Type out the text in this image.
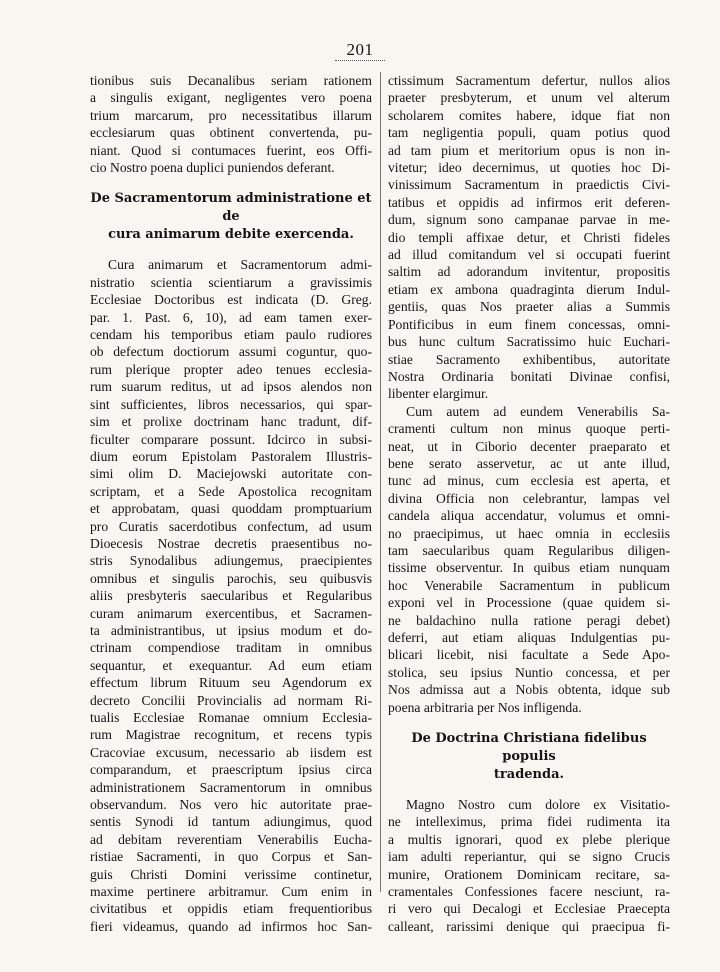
201
tionibus suis Decanalibus seriam rationem
a singulis exigant, negligentes vero poena
trium marcarum, pro necessitatibus illarum
ecclesiarum quas obtinent convertenda, pu-
niant. Quod si contumaces fuerint, eos Offi-
cio Nostro poena duplici puniendos deferant.
De Sacramentorum administratione et de
cura animarum debite exercenda.
Cura animarum et Sacramentorum admi-
nistratio scientia scientiarum a gravissimis
Ecclesiae Doctoribus est indicata (D. Greg.
par. 1. Past. 6, 10), ad eam tamen exer-
cendam his temporibus etiam paulo rudiores
ob defectum doctiorum assumi coguntur, quo-
rum plerique propter adeo tenues ecclesia-
rum suarum reditus, ut ad ipsos alendos non
sint sufficientes, libros necessarios, qui spar-
sim et prolixe doctrinam hanc tradunt, dif-
ficulter comparare possunt. Idcirco in subsi-
dium eorum Epistolam Pastoralem Illustris-
simi olim D. Maciejowski autoritate con-
scriptam, et a Sede Apostolica recognitam
et approbatam, quasi quoddam promptuarium
pro Curatis sacerdotibus confectum, ad usum
Dioecesis Nostrae decretis praesentibus no-
stris Synodalibus adiungemus, praecipientes
omnibus et singulis parochis, seu quibusvis
aliis presbyteris saecularibus et Regularibus
curam animarum exercentibus, et Sacramen-
ta administrantibus, ut ipsius modum et do-
ctrinam compendiose traditam in omnibus
sequantur, et exequantur. Ad eum etiam
effectum librum Rituum seu Agendorum ex
decreto Concilii Provincialis ad normam Ri-
tualis Ecclesiae Romanae omnium Ecclesia-
rum Magistrae recognitum, et recens typis
Cracoviae excusum, necessario ab iisdem est
comparandum, et praescriptum ipsius circa
administrationem Sacramentorum in omnibus
observandum. Nos vero hic autoritate prae-
sentis Synodi id tantum adiungimus, quod
ad debitam reverentiam Venerabilis Eucha-
ristiae Sacramenti, in quo Corpus et San-
guis Christi Domini verissime continetur,
maxime pertinere arbitramur. Cum enim in
civitatibus et oppidis etiam frequentioribus
fieri videamus, quando ad infirmos hoc San-
ctissimum Sacramentum defertur, nullos alios
praeter presbyterum, et unum vel alterum
scholarem comites habere, idque fiat non
tam negligentia populi, quam potius quod
ad tam pium et meritorium opus is non in-
vitetur; ideo decernimus, ut quoties hoc Di-
vinissimum Sacramentum in praedictis Civi-
tatibus et oppidis ad infirmos erit deferen-
dum, signum sono campanae parvae in me-
dio templi affixae detur, et Christi fideles
ad illud comitandum vel si occupati fuerint
saltim ad adorandum invitentur, propositis
etiam ex ambona quadraginta dierum Indul-
gentiis, quas Nos praeter alias a Summis
Pontificibus in eum finem concessas, omni-
bus hunc cultum Sacratissimo huic Euchari-
stiae Sacramento exhibentibus, autoritate
Nostra Ordinaria bonitati Divinae confisi,
libenter elargimur.
Cum autem ad eundem Venerabilis Sa-
cramenti cultum non minus quoque perti-
neat, ut in Ciborio decenter praeparato et
bene serato asservetur, ac ut ante illud,
tunc ad minus, cum ecclesia est aperta, et
divina Officia non celebrantur, lampas vel
candela aliqua accendatur, volumus et omni-
no praecipimus, ut haec omnia in ecclesiis
tam saecularibus quam Regularibus diligen-
tissime observentur. In quibus etiam nunquam
hoc Venerabile Sacramentum in publicum
exponi vel in Processione (quae quidem si-
ne baldachino nulla ratione peragi debet)
deferri, aut etiam aliquas Indulgentias pu-
blicari licebit, nisi facultate a Sede Apo-
stolica, seu ipsius Nuntio concessa, et per
Nos admissa aut a Nobis obtenta, idque sub
poena arbitraria per Nos infligenda.
De Doctrina Christiana fidelibus populis
tradenda.
Magno Nostro cum dolore ex Visitatio-
ne intelleximus, prima fidei rudimenta ita
a multis ignorari, quod ex plebe plerique
iam adulti reperiantur, qui se signo Crucis
munire, Orationem Dominicam recitare, sa-
cramentales Confessiones facere nesciunt, ra-
ri vero qui Decalogi et Ecclesiae Praecepta
calleant, rarissimi denique qui praecipua fi-
